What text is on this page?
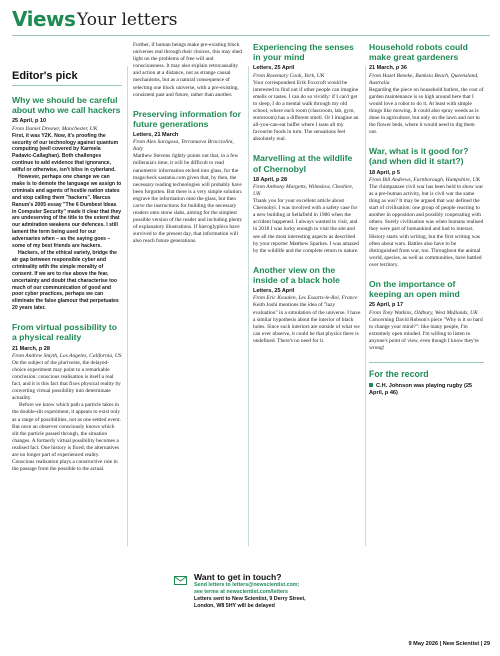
Views Your letters
Editor's pick
Why we should be careful about who we call hackers
25 April, p 10
From Daniel Dresner, Manchester, UK

First, it was Y2K. Now, it's proofing the security of our technology against quantum computing (well covered by Karmela Padavic-Callaghan). Both challenges continue to add evidence that ignorance, wilful or otherwise, isn't bliss in cyberland.

However, perhaps one change we can make is to demote the language we assign to criminals and agents of hostile nation states and stop calling them "hackers". Marcus Ranum's 2005 essay "The 6 Dumbest Ideas in Computer Security" made it clear that they are undeserving of the title to the extent that our admiration weakens our defences. I still lament the term being used for our adversaries when – as the saying goes – some of my best friends are hackers.

Hackers, of the ethical variety, bridge the air gap between responsible cyber and criminality with the simple morality of consent. If we are to rise above the fear, uncertainty and doubt that characterise too much of our communication of good and poor cyber practices, perhaps we can eliminate the false glamour that perpetuates 20 years later.

From virtual possibility to a physical reality
21 March, p 28
From Andrew Smyth, Los Angeles, California, US

On the subject of the pluriverse, the delayed-choice experiment may point to a remarkable conclusion: conscious realisation is itself a real fact, and it is this fact that fixes physical reality by converting virtual possibility into determinate actuality.

Before we know which path a particle takes in the double-slit experiment, it appears to exist only as a range of possibilities, not as one settled event. But once an observer consciously knows which slit the particle passed through, the situation changes. A formerly virtual possibility becomes a realised fact. One history is fixed; the alternatives are no longer part of experienced reality. Conscious realisation plays a constructive role in the passage from the possible to the actual.

Further, if human beings make pre-existing block universes real through their choices, this may shed light on the problems of free will and consciousness. It may also explain retrocausality and action at a distance, not as strange causal mechanisms, but as a natural consequence of selecting one block universe, with a pre-existing, consistent past and future, rather than another.

Preserving information for future generations
Letters, 21 March
From Alex Saragosa, Terranuova Bracciolini, Italy

Matthew Stevens rightly points out that, in a few millennia's time, it will be difficult to read nanometric information etched into glass, for the magscheck sastatus.com given that, by then, the necessary reading technologies will probably have been forgotten. But there is a very simple solution: engrave the information onto the glass, but then carve the instructions for building the necessary readers onto stone slabs, aiming for the simplest possible version of the reader and including plenty of explanatory illustrations. If hieroglyphics have survived to the present day, that information will also reach future generations.

Experiencing the senses in your mind
Letters, 25 April
From Rosemary Cook, York, UK

Your correspondent Erik Foxcroft would be interested to find out if other people can imagine smells or tastes. I can do so vividly: if I can't get to sleep, I do a mental walk through my old school, where each room (classroom, lab, gym, storeroom) has a different smell. Or I imagine an all-you-can-eat buffet where I taste all my favourite foods in turn. The sensations feel absolutely real.

Marvelling at the wildlife of Chernobyl
18 April, p 28
From Anthony Margetts, Wilmslow, Cheshire, UK

Thank you for your excellent article about Chernobyl. I was involved with a safety case for a new building at Sellafield in 1986 when the accident happened. I always wanted to visit, and in 2018 I was lucky enough to visit the site and see all the most interesting aspects as described by your reporter Matthew Sparkes. I was amazed by the wildlife and the complete return to nature.

Another view on the inside of a black hole
Letters, 25 April
From Eric Kvaalen, Les Essarts-le-Roi, France

Keith Joshi mentions the idea of "lazy evaluation" in a simulation of the universe. I have a similar hypothesis about the interior of black holes. Since such interiors are outside of what we can ever observe, it could be that physics there is undefined. There's no need for it.

Household robots could make great gardeners
21 March, p 36
From Hazel Beneke, Banksia Beach, Queensland, Australia

Regarding the piece on household butlers, the cost of garden maintenance is so high around here that I would love a robot to do it. At least with simple things like mowing. It could also spray weeds as is done in agriculture, but only on the lawn and not in the flower beds, where it would need to dig them out.

War, what is it good for? (and when did it start?)
18 April, p 5
From Bill Andrews, Farnborough, Hampshire, UK

The chimpanzee civil war has been held to show war as a pre-human activity, but is civil war the same thing as war? It may be argued that war defined the start of civilisation: one group of people reacting to another in opposition and possibly cooperating with others. Surely civilisation was when humans realised they were part of humankind and had to interact. History starts with writing, but the first writing was often about wars. Battles also have to be distinguished from war, too. Throughout the animal world, species, as well as communities, have battled over territory.

On the importance of keeping an open mind
25 April, p 17
From Tony Watkins, Oldbury, West Midlands, UK

Concerning David Robson's piece "Why is it so hard to change your mind?": like many people, I'm extremely open minded. I'm willing to listen to anyone's point of view, even though I know they're wrong!

For the record
C.H. Johnson was playing rugby (25 April, p 46)
Want to get in touch?
Send letters to letters@newscientist.com;
see terms at newscientist.com/letters
Letters sent to New Scientist, 9 Derry Street,
London, W8 5HY will be delayed
9 May 2026 | New Scientist | 29
